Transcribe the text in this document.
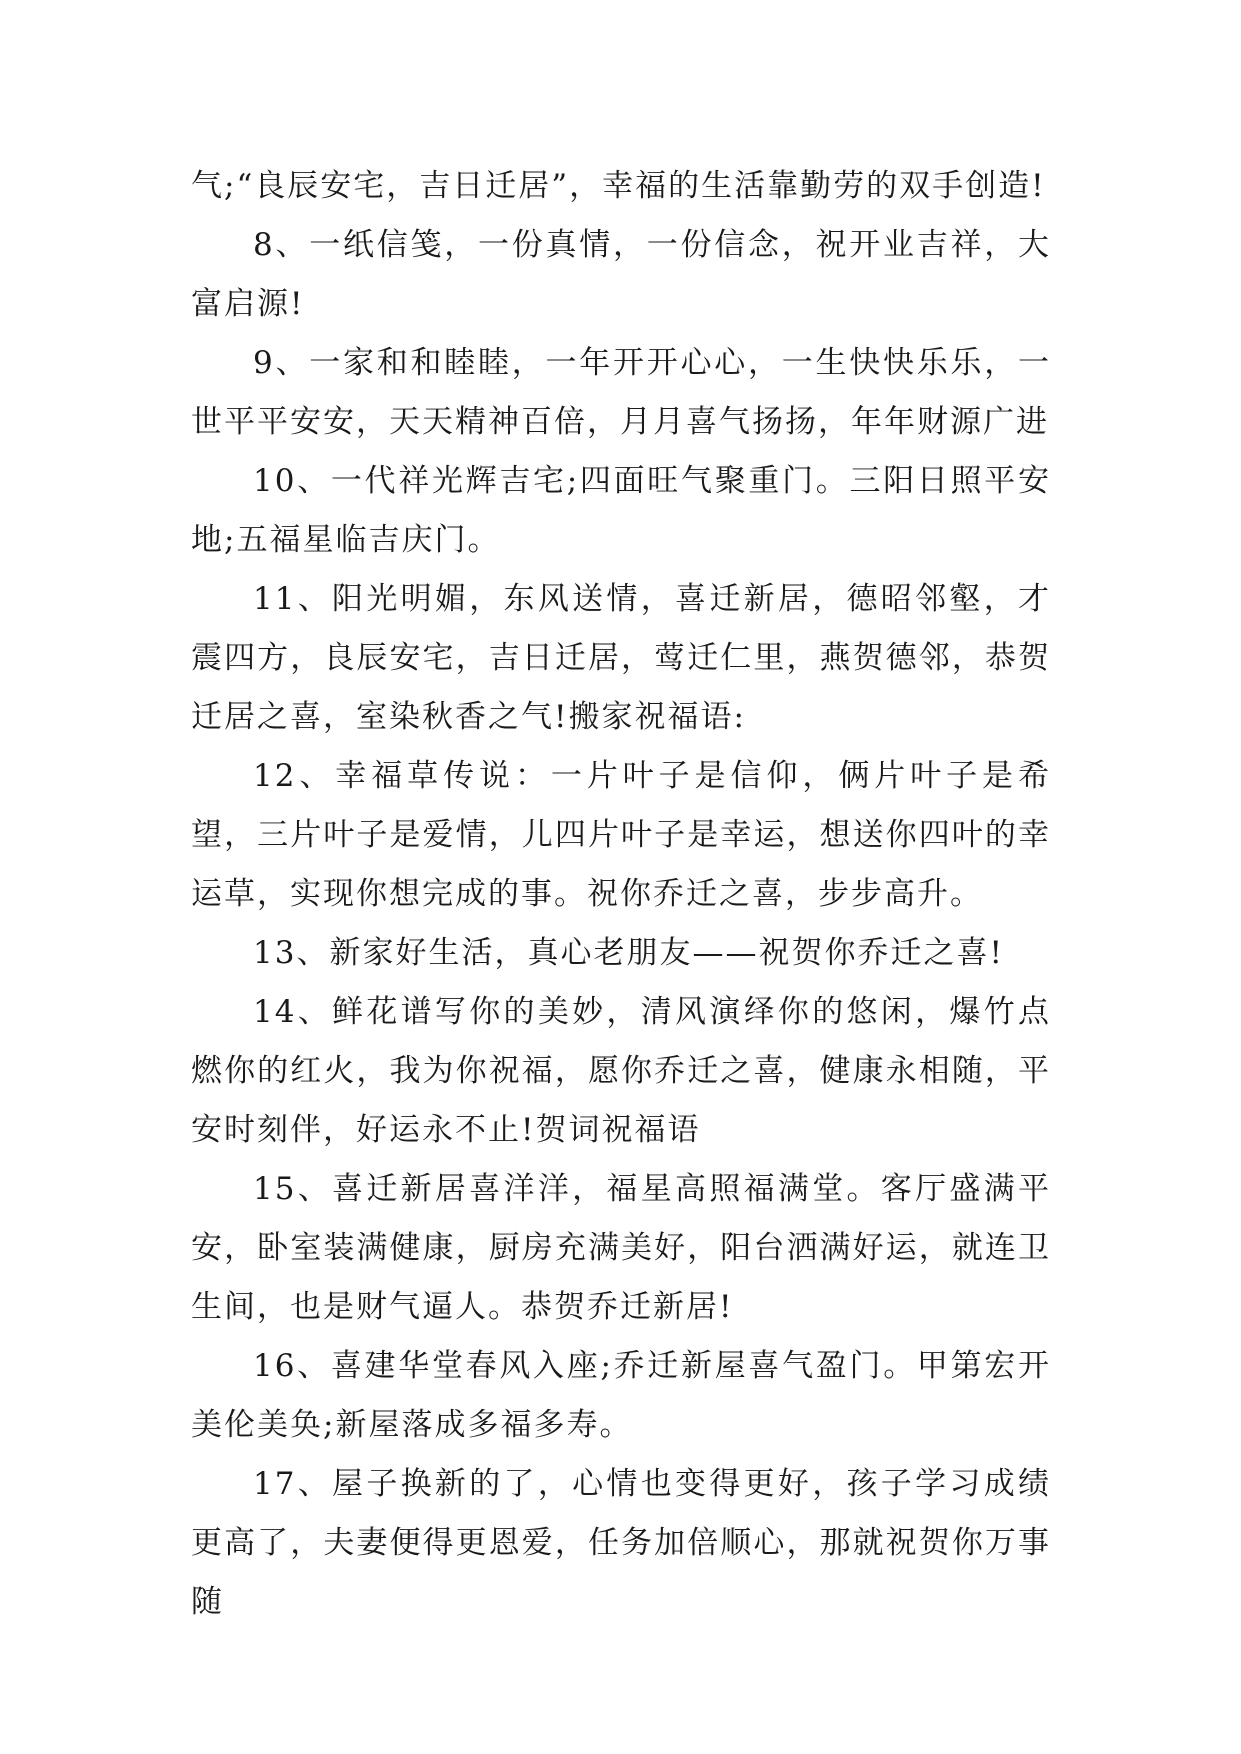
气;“良辰安宅，吉日迁居”，幸福的生活靠勤劳的双手创造!

8、一纸信笺，一份真情，一份信念，祝开业吉祥，大富启源!

9、一家和和睦睦，一年开开心心，一生快快乐乐，一世平平安安，天天精神百倍，月月喜气扬扬，年年财源广进

10、一代祥光辉吉宅;四面旺气聚重门。三阳日照平安地;五福星临吉庆门。

11、阳光明媚，东风送情，喜迁新居，德昭邻壑，才震四方，良辰安宅，吉日迁居，莺迁仁里，燕贺德邻，恭贺迁居之喜，室染秋香之气!搬家祝福语:

12、幸福草传说：一片叶子是信仰，俩片叶子是希望，三片叶子是爱情，儿四片叶子是幸运，想送你四叶的幸运草，实现你想完成的事。祝你乔迁之喜，步步高升。

13、新家好生活，真心老朋友——祝贺你乔迁之喜!

14、鲜花谱写你的美妙，清风演绎你的悠闲，爆竹点燃你的红火，我为你祝福，愿你乔迁之喜，健康永相随，平安时刻伴，好运永不止!贺词祝福语

15、喜迁新居喜洋洋，福星高照福满堂。客厅盛满平安，卧室装满健康，厨房充满美好，阳台洒满好运，就连卫生间，也是财气逼人。恭贺乔迁新居!

16、喜建华堂春风入座;乔迁新屋喜气盈门。甲第宏开美伦美奂;新屋落成多福多寿。

17、屋子换新的了，心情也变得更好，孩子学习成绩更高了，夫妻便得更恩爱，任务加倍顺心，那就祝贺你万事随
